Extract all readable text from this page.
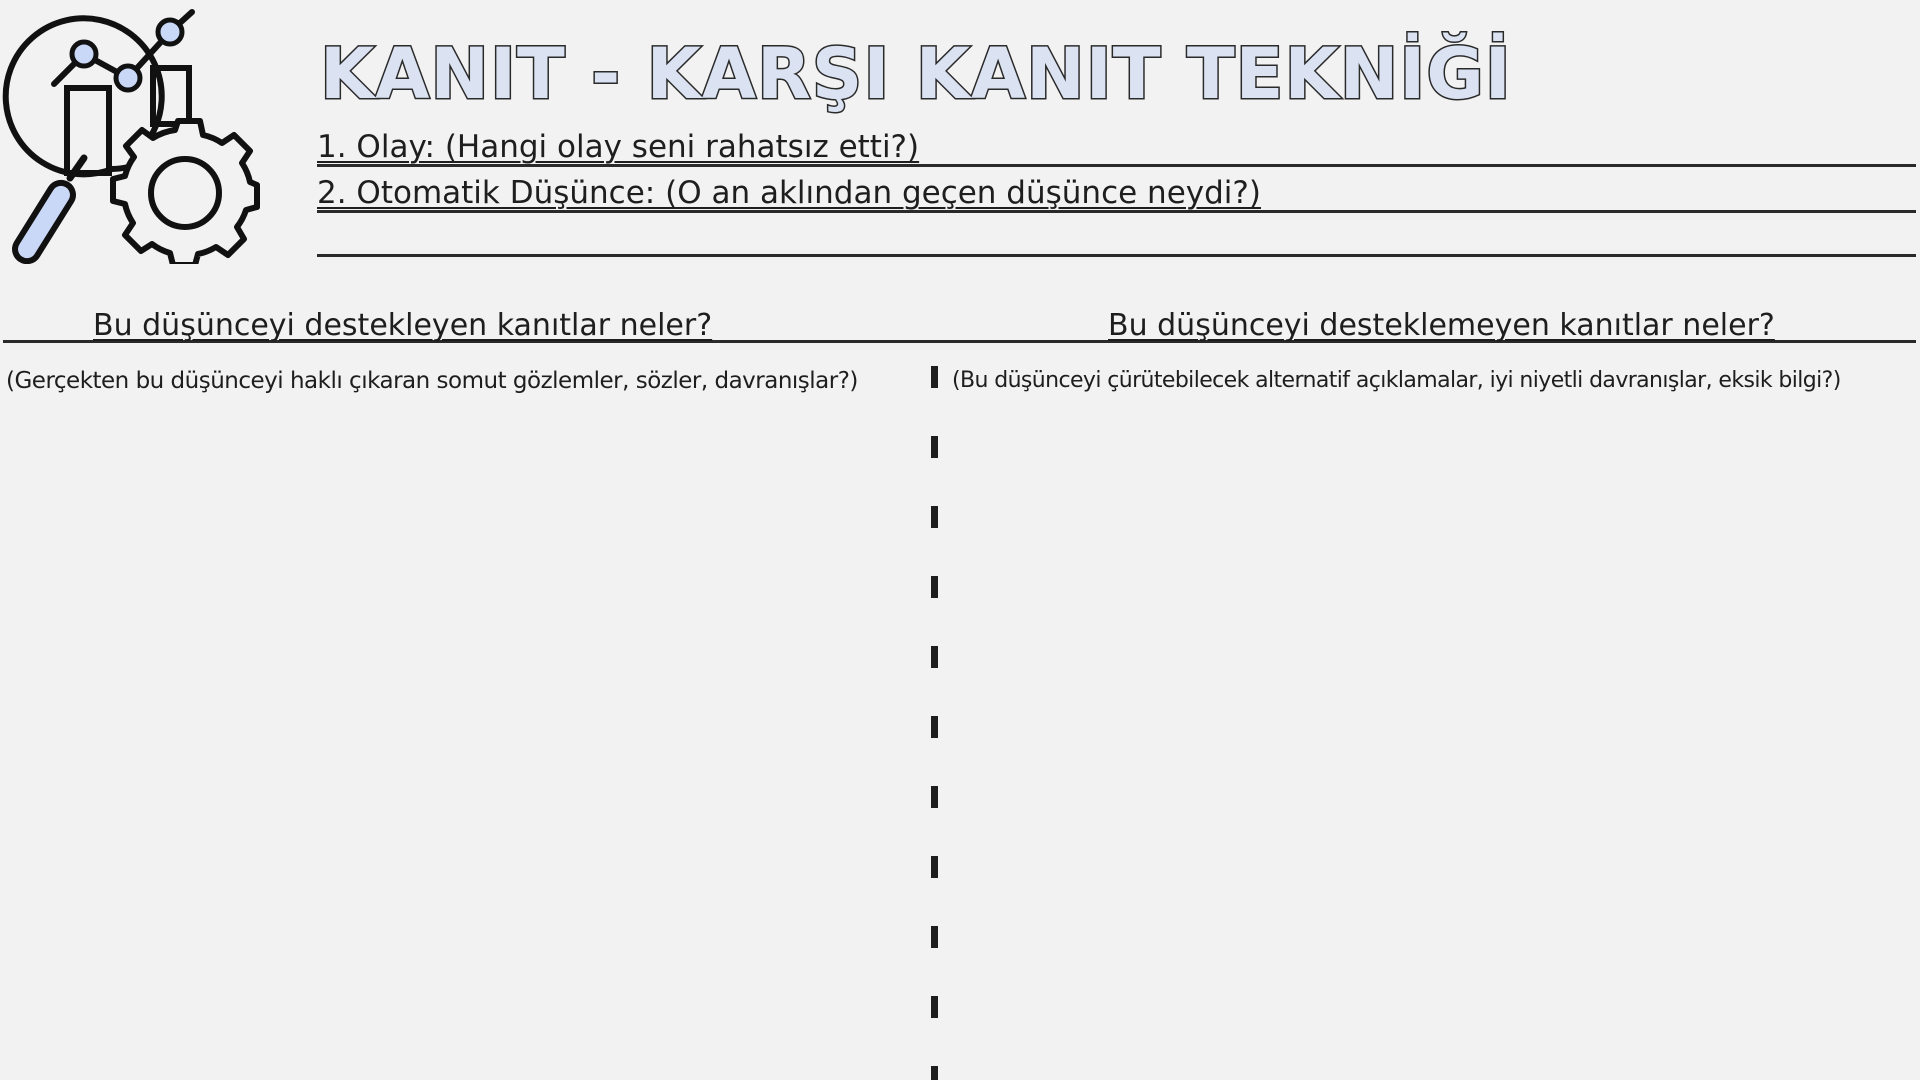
KANIT - KARŞI KANIT TEKNİĞİ
1. Olay: (Hangi olay seni rahatsız etti?)
2. Otomatik Düşünce: (O an aklından geçen düşünce neydi?)
Bu düşünceyi destekleyen kanıtlar neler?	Bu düşünceyi desteklemeyen kanıtlar neler?
(Gerçekten bu düşünceyi haklı çıkaran somut gözlemler, sözler, davranışlar?)	(Bu düşünceyi çürütebilecek alternatif açıklamalar, iyi niyetli davranışlar, eksik bilgi?)
